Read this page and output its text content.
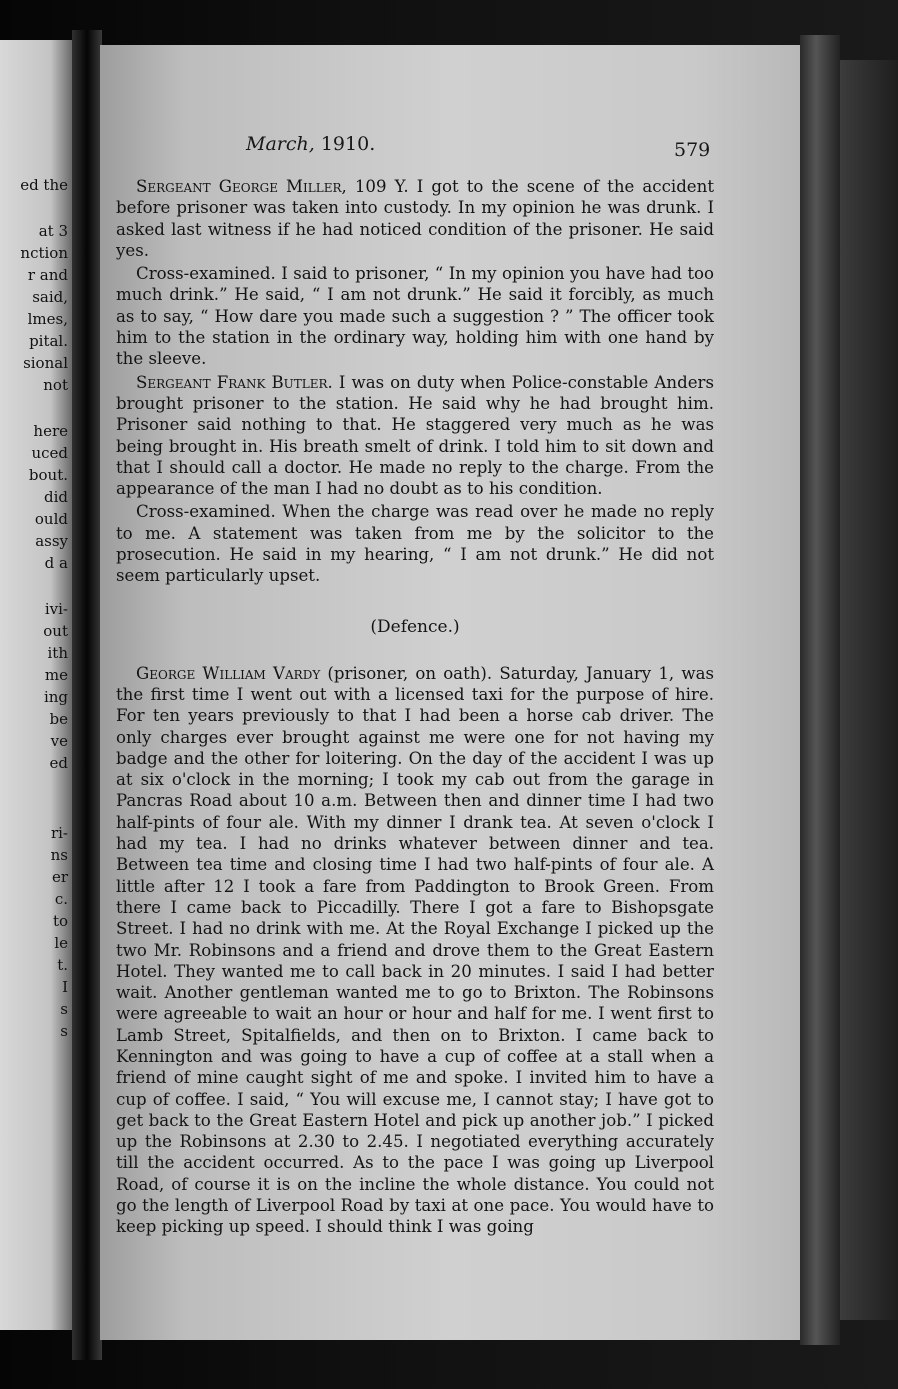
ed the
at 3
nction
r and
said,
lmes,
pital.
sional
not
here
uced
bout.
did
ould
assy
d a
ivi-
out
ith
me
ing
be
ve
ed
ri-
ns
er
c.
to
le
t.
I
s
s
March, 1910.	579

Sergeant George Miller, 109 Y. I got to the scene of the accident before prisoner was taken into custody. In my opinion he was drunk. I asked last witness if he had noticed condition of the prisoner. He said yes.

Cross-examined. I said to prisoner, “ In my opinion you have had too much drink.” He said, “ I am not drunk.” He said it forcibly, as much as to say, “ How dare you made such a suggestion ? ” The officer took him to the station in the ordinary way, holding him with one hand by the sleeve.

Sergeant Frank Butler. I was on duty when Police-constable Anders brought prisoner to the station. He said why he had brought him. Prisoner said nothing to that. He staggered very much as he was being brought in. His breath smelt of drink. I told him to sit down and that I should call a doctor. He made no reply to the charge. From the appearance of the man I had no doubt as to his condition.

Cross-examined. When the charge was read over he made no reply to me. A statement was taken from me by the solicitor to the prosecution. He said in my hearing, “ I am not drunk.” He did not seem particularly upset.

(Defence.)

George William Vardy (prisoner, on oath). Saturday, January 1, was the first time I went out with a licensed taxi for the purpose of hire. For ten years previously to that I had been a horse cab driver. The only charges ever brought against me were one for not having my badge and the other for loitering. On the day of the accident I was up at six o'clock in the morning; I took my cab out from the garage in Pancras Road about 10 a.m. Between then and dinner time I had two half-pints of four ale. With my dinner I drank tea. At seven o'clock I had my tea. I had no drinks whatever between dinner and tea. Between tea time and closing time I had two half-pints of four ale. A little after 12 I took a fare from Paddington to Brook Green. From there I came back to Piccadilly. There I got a fare to Bishopsgate Street. I had no drink with me. At the Royal Exchange I picked up the two Mr. Robinsons and a friend and drove them to the Great Eastern Hotel. They wanted me to call back in 20 minutes. I said I had better wait. Another gentleman wanted me to go to Brixton. The Robinsons were agreeable to wait an hour or hour and half for me. I went first to Lamb Street, Spitalfields, and then on to Brixton. I came back to Kennington and was going to have a cup of coffee at a stall when a friend of mine caught sight of me and spoke. I invited him to have a cup of coffee. I said, “ You will excuse me, I cannot stay; I have got to get back to the Great Eastern Hotel and pick up another job.” I picked up the Robinsons at 2.30 to 2.45. I negotiated everything accurately till the accident occurred. As to the pace I was going up Liverpool Road, of course it is on the incline the whole distance. You could not go the length of Liverpool Road by taxi at one pace. You would have to keep picking up speed. I should think I was going
